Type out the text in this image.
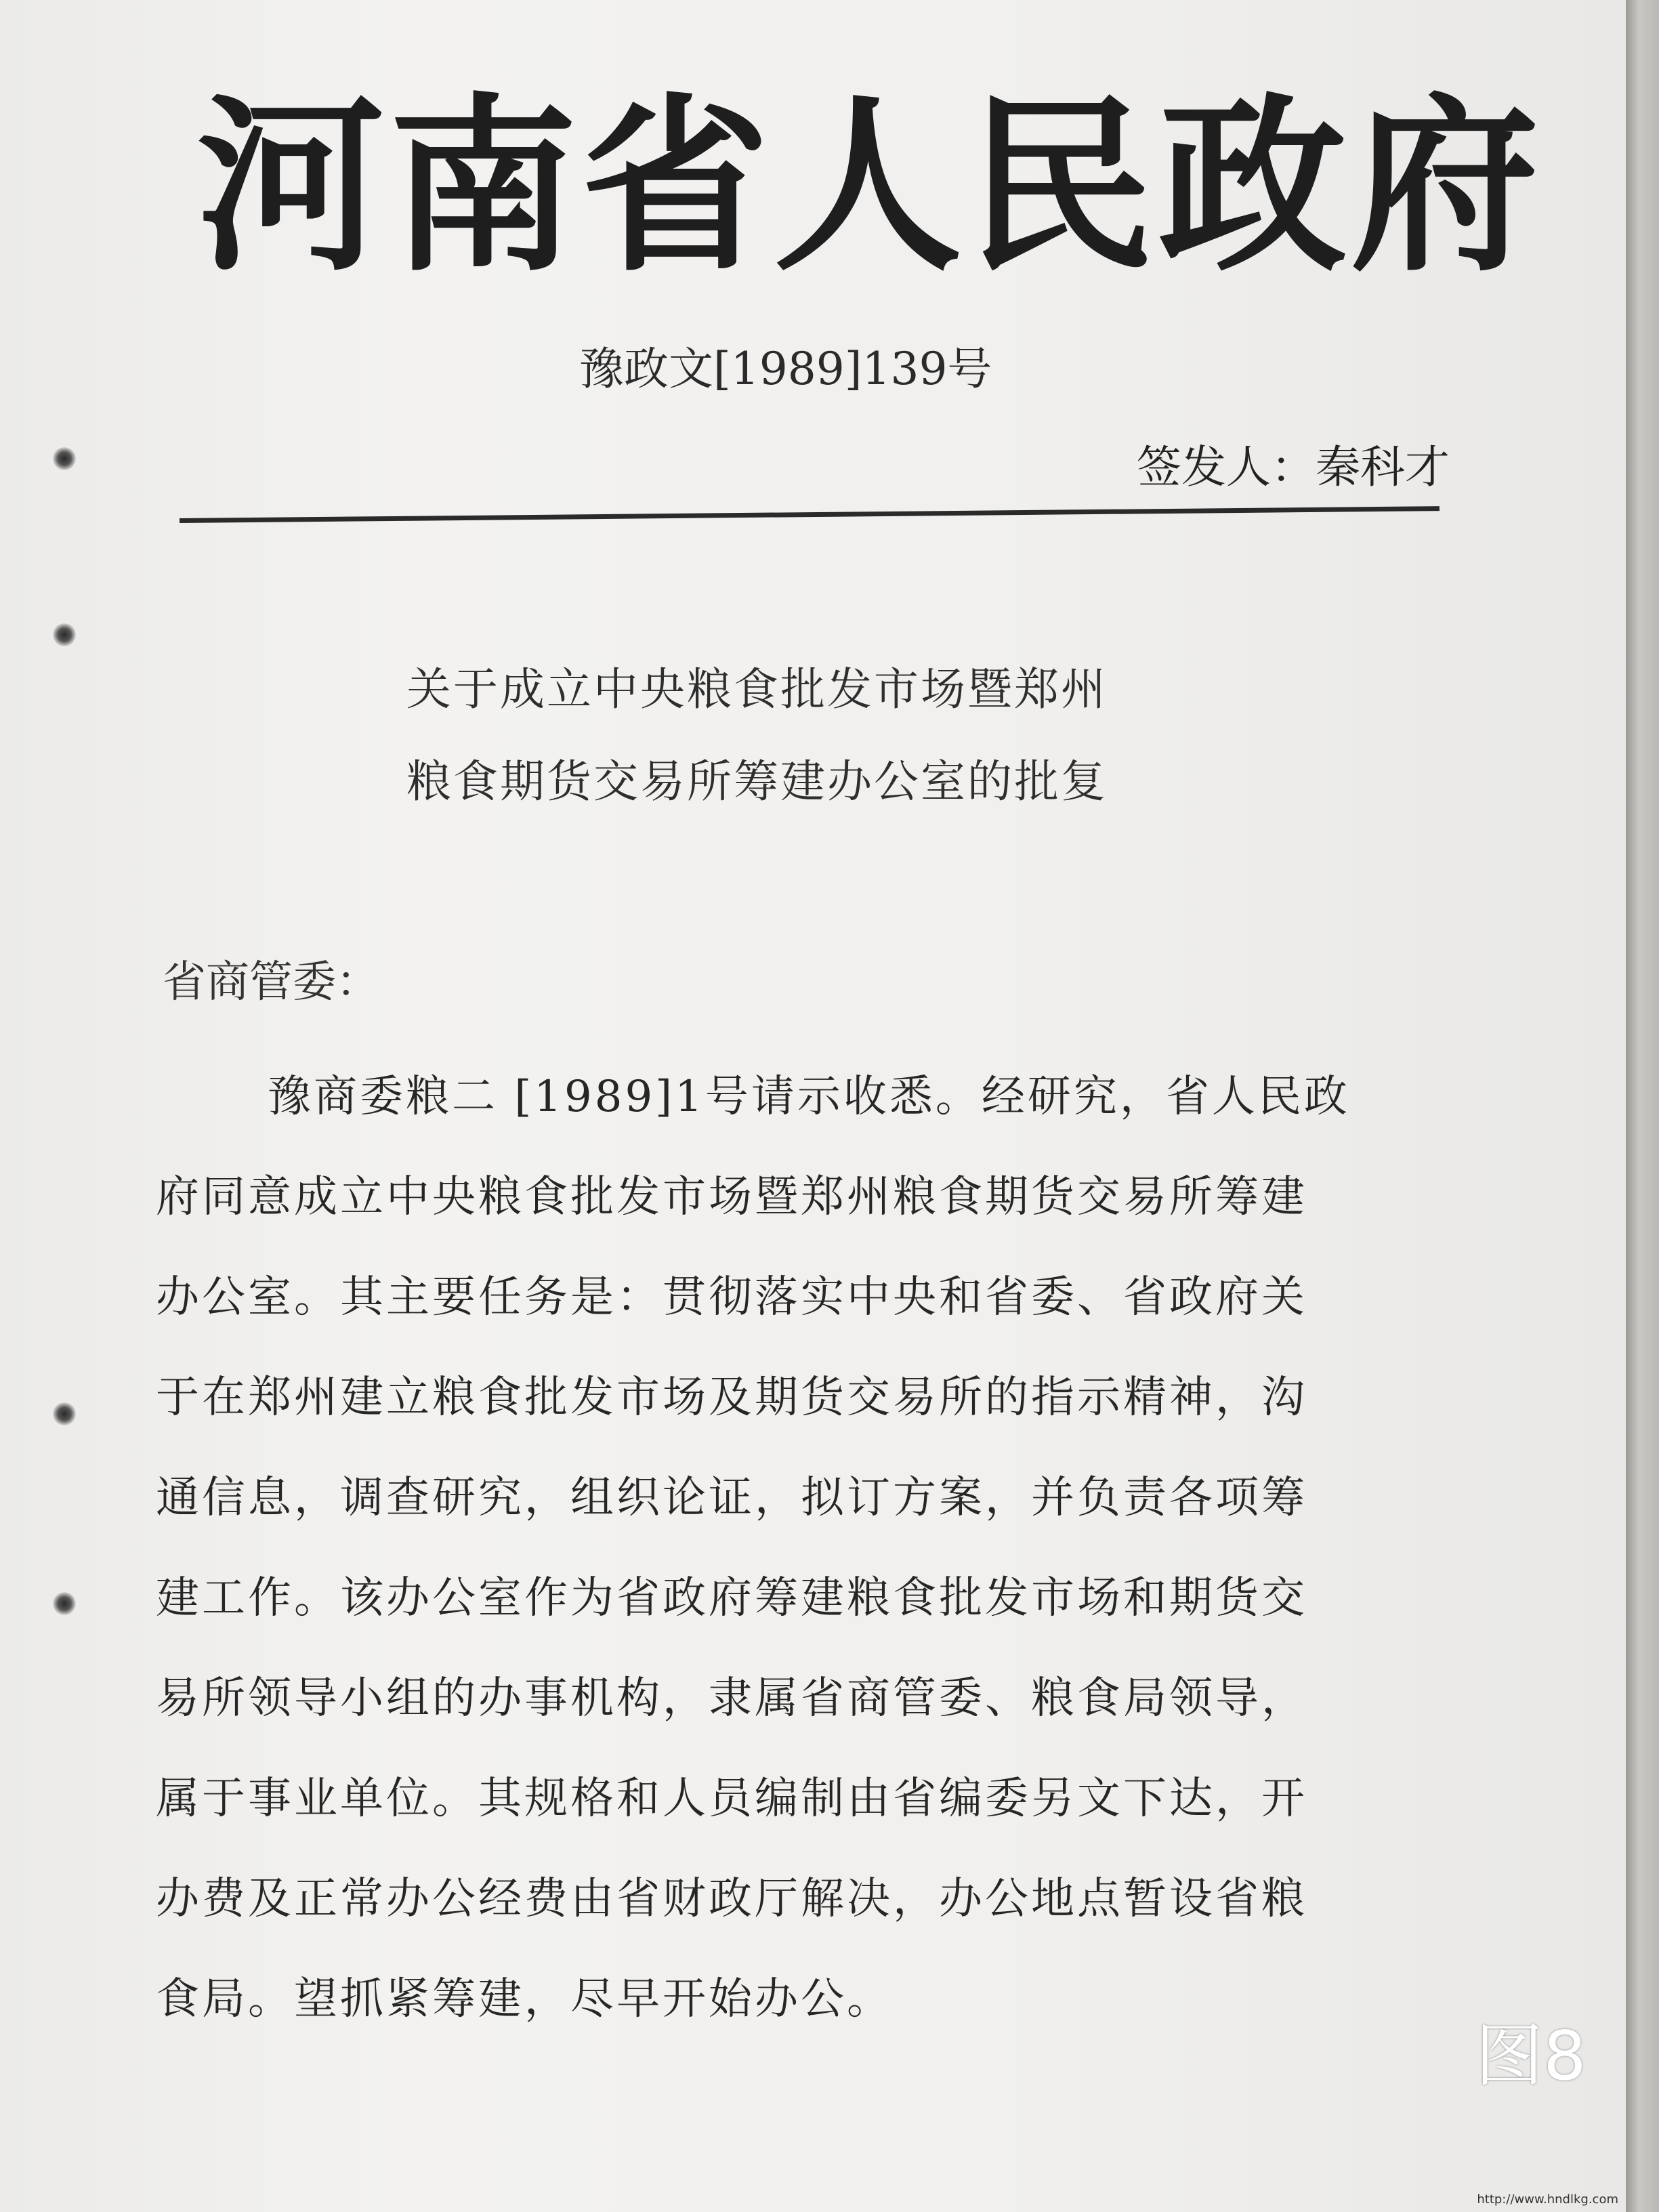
河南省人民政府
豫政文[1989]139号
签发人：秦科才
关于成立中央粮食批发市场暨郑州
粮食期货交易所筹建办公室的批复
省商管委：
豫商委粮二 [1989]1号请示收悉。经研究，省人民政
府同意成立中央粮食批发市场暨郑州粮食期货交易所筹建
办公室。其主要任务是：贯彻落实中央和省委、省政府关
于在郑州建立粮食批发市场及期货交易所的指示精神，沟
通信息，调查研究，组织论证，拟订方案，并负责各项筹
建工作。该办公室作为省政府筹建粮食批发市场和期货交
易所领导小组的办事机构，隶属省商管委、粮食局领导，
属于事业单位。其规格和人员编制由省编委另文下达，开
办费及正常办公经费由省财政厅解决，办公地点暂设省粮
食局。望抓紧筹建，尽早开始办公。
图8
http://www.hndlkg.com
